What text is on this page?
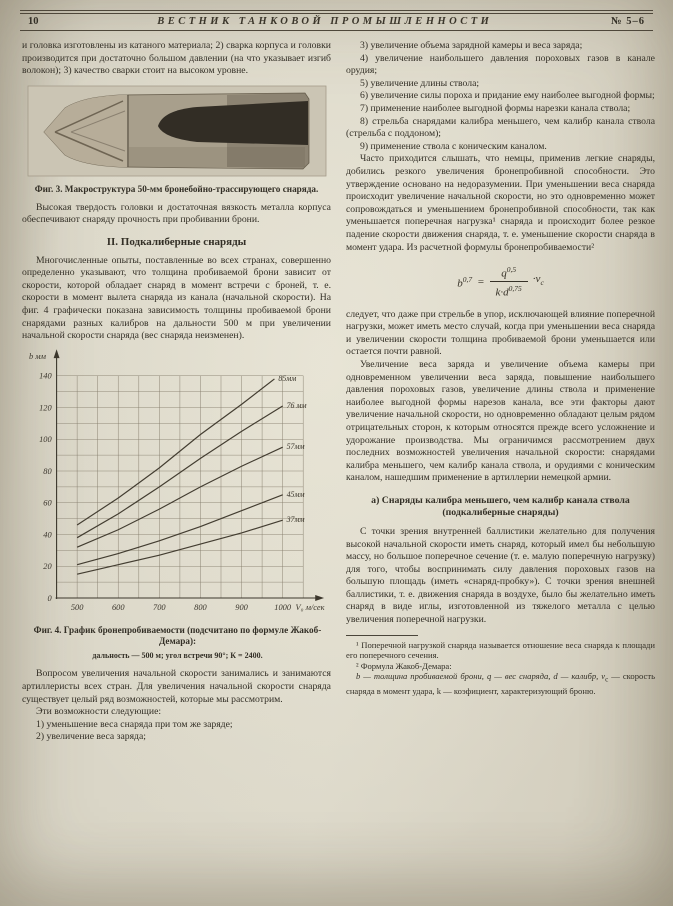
10	ВЕСТНИК ТАНКОВОЙ ПРОМЫШЛЕННОСТИ	№ 5–6

и головка изготовлены из катаного материала; 2) сварка корпуса и головки производится при достаточно большом давлении (на что указывает изгиб волокон); 3) качество сварки стоит на высоком уровне.

Фиг. 3. Макроструктура 50-мм бронебойно-трассирующего снаряда.

Высокая твердость головки и достаточная вязкость металла корпуса обеспечивают снаряду прочность при пробивании брони.

II. Подкалиберные снаряды

Многочисленные опыты, поставленные во всех странах, совершенно определенно указывают, что толщина пробиваемой брони зависит от скорости, которой обладает снаряд в момент встречи с броней, т. е. скорости в момент вылета снаряда из канала (начальной скорости). На фиг. 4 графически показана зависимость толщины пробиваемой брони снарядами разных калибров на дальности 500 м при увеличении начальной скорости снаряда (вес снаряда неизменен).

0
20
40
60
80
100
120
140
500	600	700	800	900	1000
b мм
V₀ м/сек
85мм
76 мм
57мм
45мм
37мм
Фиг. 4. График бронепробиваемости (подсчитано по формуле Жакоб-Демара):
дальность — 500 м; угол встречи 90°; К = 2400.

Вопросом увеличения начальной скорости занимались и занимаются артиллеристы всех стран. Для увеличения начальной скорости снаряда существует целый ряд возможностей, которые мы рассмотрим.

Эти возможности следующие:

1) уменьшение веса снаряда при том же заряде;

2) увеличение веса заряда;

3) увеличение объема зарядной камеры и веса заряда;

4) увеличение наибольшего давления пороховых газов в канале орудия;

5) увеличение длины ствола;

6) увеличение силы пороха и придание ему наиболее выгодной формы;

7) применение наиболее выгодной формы нарезки канала ствола;

8) стрельба снарядами калибра меньшего, чем калибр канала ствола (стрельба с поддоном);

9) применение ствола с коническим каналом.

Часто приходится слышать, что немцы, применив легкие снаряды, добились резкого увеличения бронепробивной способности. Это утверждение основано на недоразумении. При уменьшении веса снаряда происходит увеличение начальной скорости, но это одновременно может сопровождаться и уменьшением бронепробивной способности, так как уменьшается поперечная нагрузка¹ снаряда и происходит более резкое падение скорости движения снаряда, т. е. уменьшение скорости снаряда в момент удара. Из расчетной формулы бронепробиваемости²

$b^{0,7} = \frac{q^{0,5}}{k\cdot d^{0,75}} \cdot v_с$

следует, что даже при стрельбе в упор, исключающей влияние поперечной нагрузки, может иметь место случай, когда при уменьшении веса снаряда и увеличении скорости толщина пробиваемой брони уменьшается или остается почти равной.

Увеличение веса заряда и увеличение объема камеры при одновременном увеличении веса заряда, повышение наибольшего давления пороховых газов, увеличение длины ствола и применение наиболее выгодной формы нарезов канала, все эти факторы дают увеличение начальной скорости, но одновременно обладают целым рядом отрицательных сторон, к которым относятся прежде всего усложнение и удорожание производства. Мы ограничимся рассмотрением двух последних возможностей увеличения начальной скорости: снарядами калибра меньшего, чем калибр канала ствола, и орудиями с коническим каналом, нашедшим применение в артиллерии немецкой армии.

а) Снаряды калибра меньшего, чем калибр канала ствола
(подкалиберные снаряды)

С точки зрения внутренней баллистики желательно для получения высокой начальной скорости иметь снаряд, который имел бы небольшую массу, но большое поперечное сечение (т. е. малую поперечную нагрузку) для того, чтобы воспринимать силу давления пороховых газов на большую площадь (иметь «снаряд-пробку»). С точки зрения внешней баллистики, т. е. движения снаряда в воздухе, было бы желательно иметь снаряд в виде иглы, изготовленной из тяжелого металла с целью увеличения поперечной нагрузки.

¹ Поперечной нагрузкой снаряда называется отношение веса снаряда к площади его поперечного сечения.

² Формула Жакоб-Демара:

b — толщина пробиваемой брони, q — вес снаряда, d — калибр, $v_с$ — скорость снаряда в момент удара, k — коэфициент, характеризующий броню.
